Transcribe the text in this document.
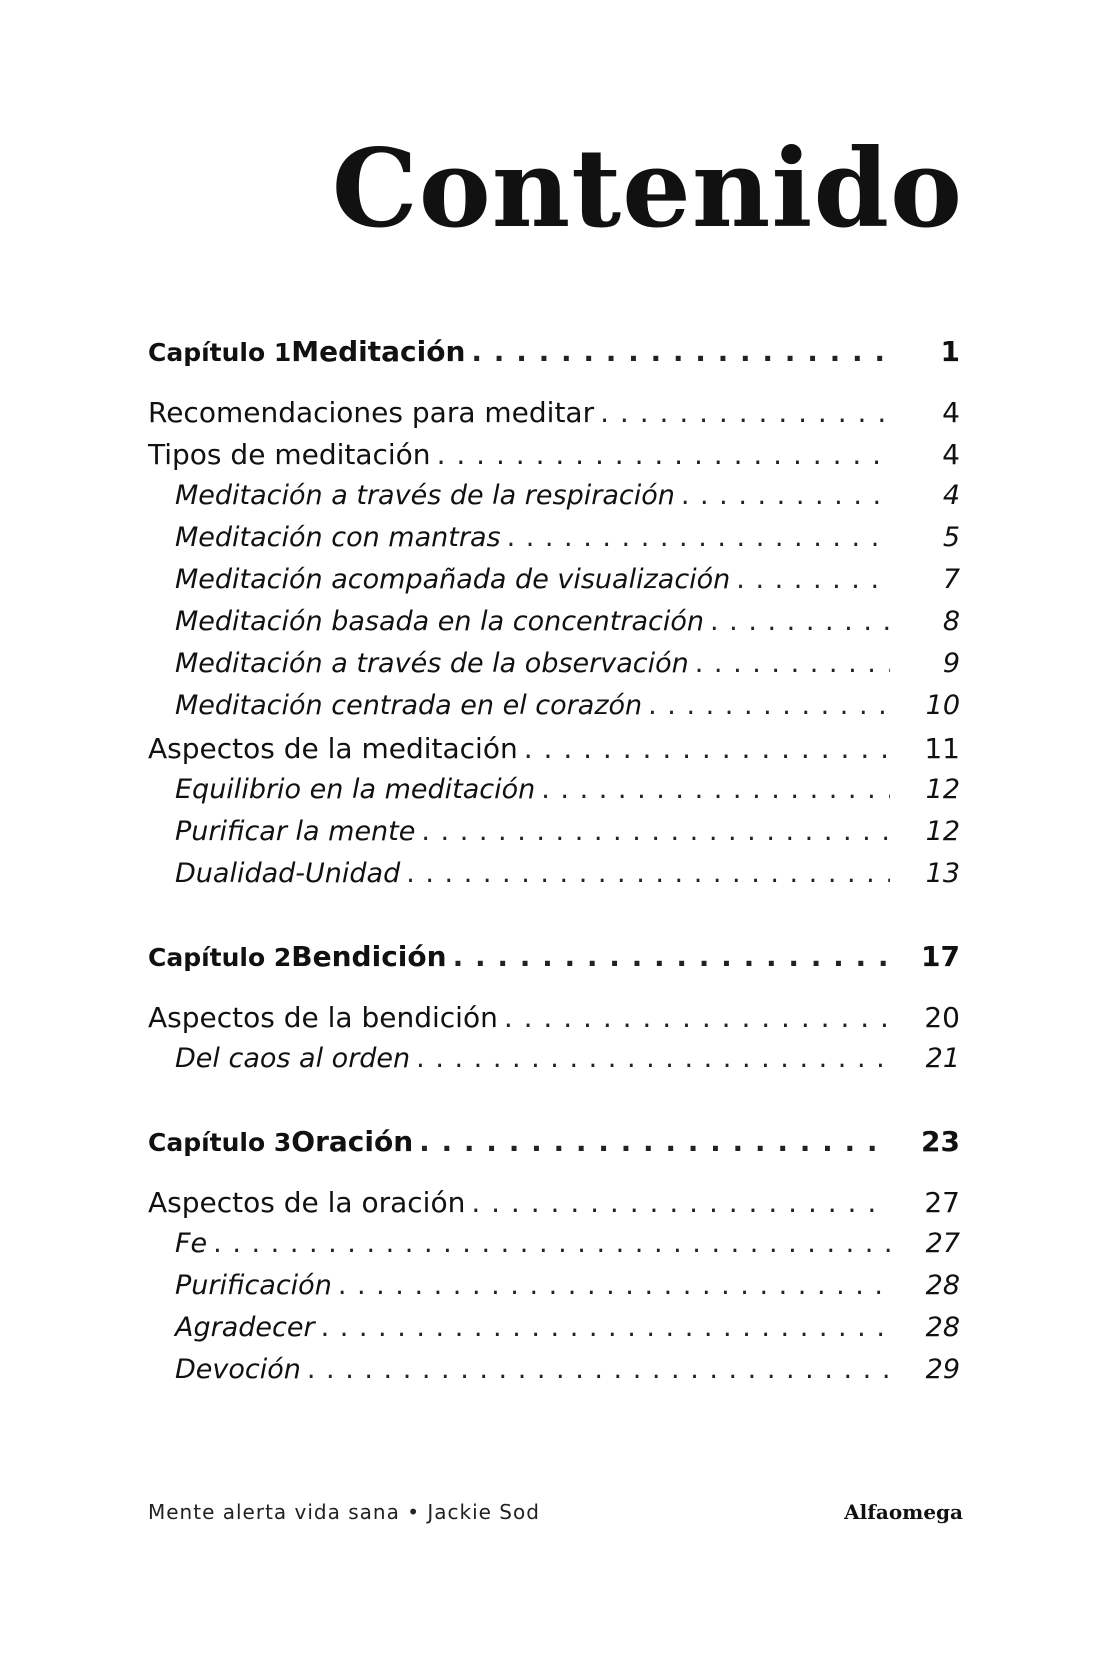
Contenido
Capítulo 1 Meditación . . .	1
Recomendaciones para meditar . . .	4
Tipos de meditación . . .	4
Meditación a través de la respiración . . .	4
Meditación con mantras . . .	5
Meditación acompañada de visualización . . .	7
Meditación basada en la concentración . . .	8
Meditación a través de la observación . . .	9
Meditación centrada en el corazón . . .	10
Aspectos de la meditación . . .	11
Equilibrio en la meditación . . .	12
Purificar la mente . . .	12
Dualidad-Unidad . . .	13
Capítulo 2 Bendición . . .	17
Aspectos de la bendición . . .	20
Del caos al orden . . .	21
Capítulo 3 Oración . . .	23
Aspectos de la oración . . .	27
Fe . . .	27
Purificación . . .	28
Agradecer . . .	28
Devoción . . .	29
Mente alerta vida sana • Jackie Sod	Alfaomega
